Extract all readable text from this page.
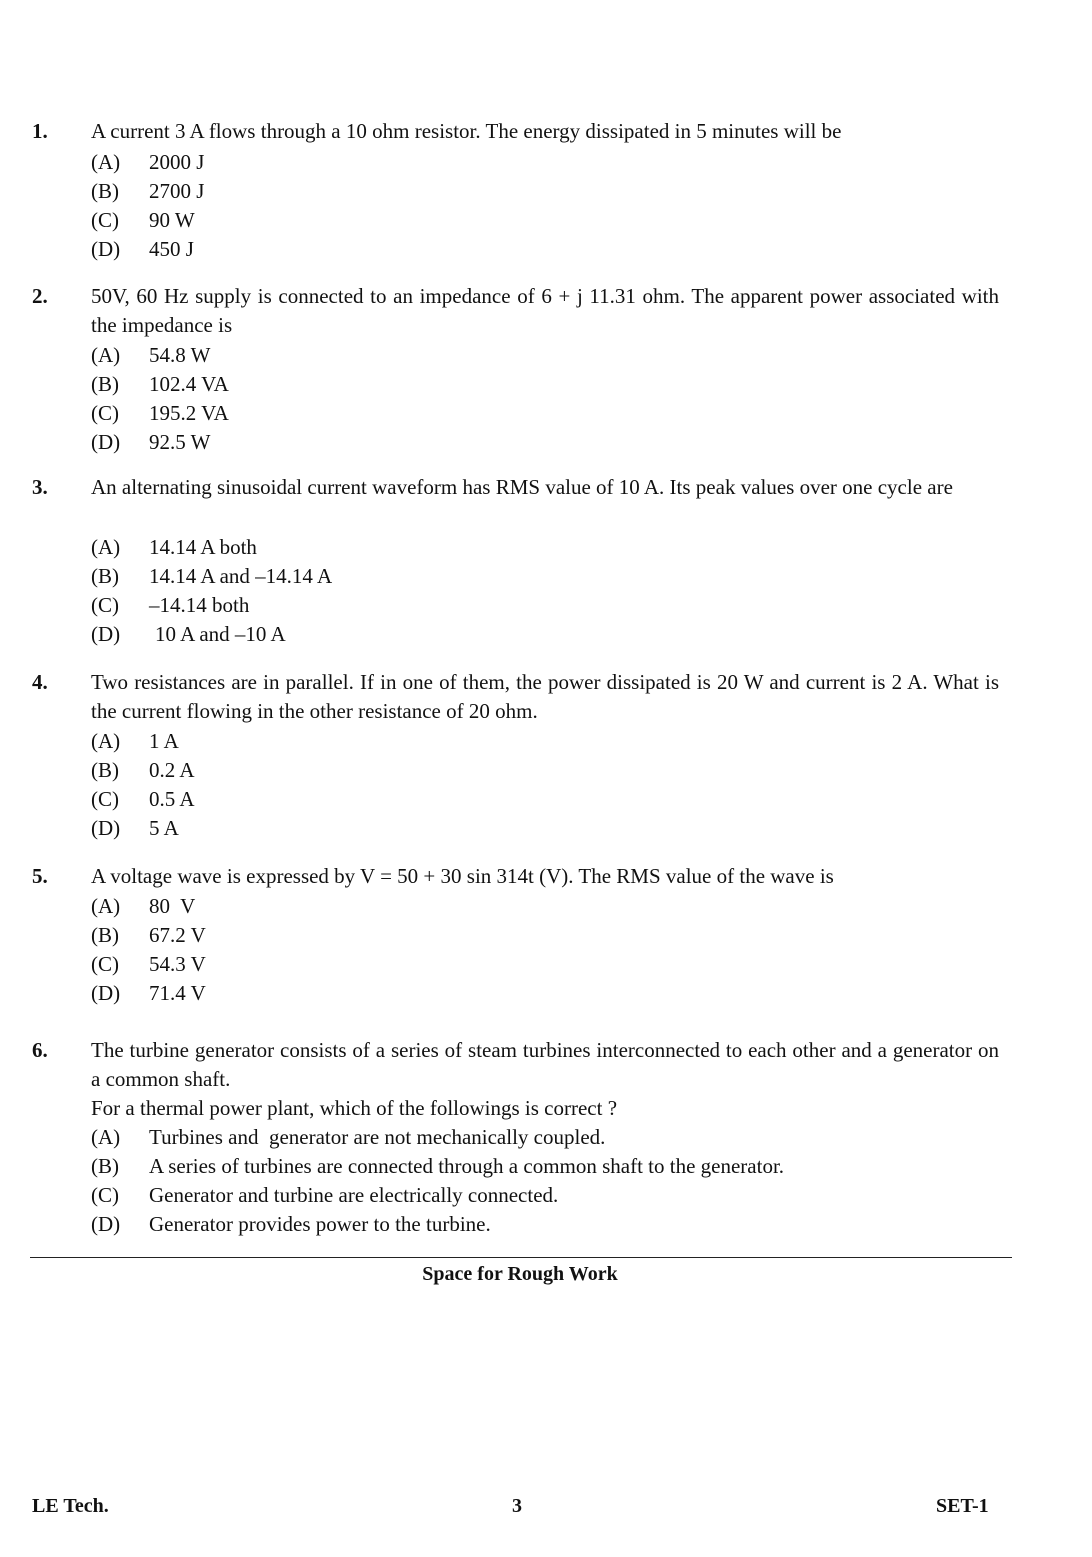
1. A current 3 A flows through a 10 ohm resistor. The energy dissipated in 5 minutes will be
(A) 2000 J
(B) 2700 J
(C) 90 W
(D) 450 J
2. 50V, 60 Hz supply is connected to an impedance of 6 + j 11.31 ohm. The apparent power associated with the impedance is
(A) 54.8 W
(B) 102.4 VA
(C) 195.2 VA
(D) 92.5 W
3. An alternating sinusoidal current waveform has RMS value of 10 A. Its peak values over one cycle are
(A) 14.14 A both
(B) 14.14 A and –14.14 A
(C) –14.14 both
(D) 10 A and –10 A
4. Two resistances are in parallel. If in one of them, the power dissipated is 20 W and current is 2 A. What is the current flowing in the other resistance of 20 ohm.
(A) 1 A
(B) 0.2 A
(C) 0.5 A
(D) 5 A
5. A voltage wave is expressed by V = 50 + 30 sin 314t (V). The RMS value of the wave is
(A) 80  V
(B) 67.2 V
(C) 54.3 V
(D) 71.4 V
6. The turbine generator consists of a series of steam turbines interconnected to each other and a generator on a common shaft.
For a thermal power plant, which of the followings is correct ?
(A) Turbines and  generator are not mechanically coupled.
(B) A series of turbines are connected through a common shaft to the generator.
(C) Generator and turbine are electrically connected.
(D) Generator provides power to the turbine.
Space for Rough Work
LE Tech.	3	SET-1
